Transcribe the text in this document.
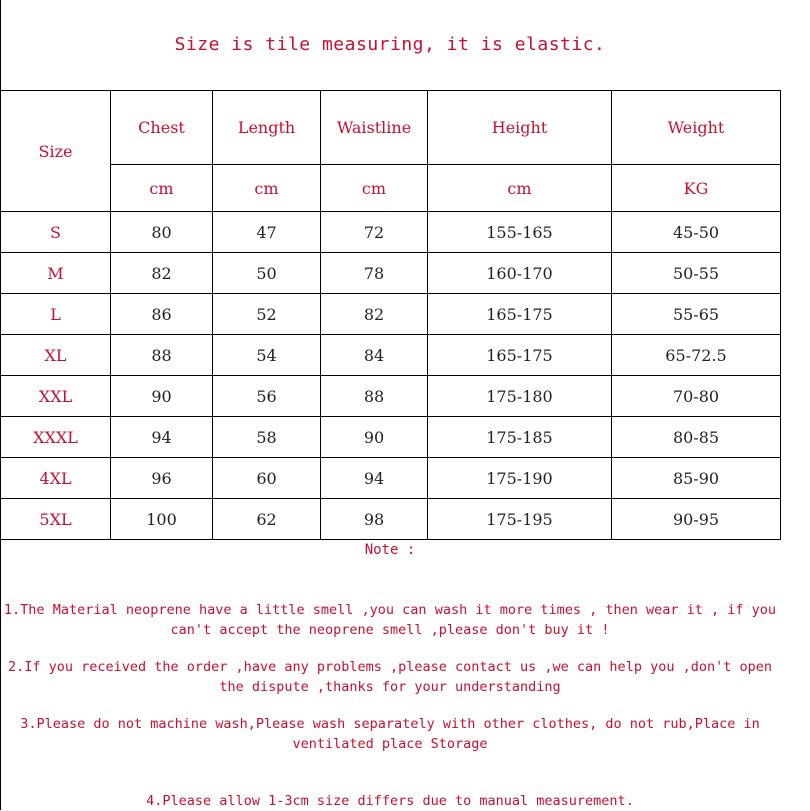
Size is tile measuring, it is elastic.
Size	Chest	Length	Waistline	Height	Weight
	cm	cm	cm	cm	KG
S	80	47	72	155-165	45-50
M	82	50	78	160-170	50-55
L	86	52	82	165-175	55-65
XL	88	54	84	165-175	65-72.5
XXL	90	56	88	175-180	70-80
XXXL	94	58	90	175-185	80-85
4XL	96	60	94	175-190	85-90
5XL	100	62	98	175-195	90-95
Note :
1.The Material neoprene have a little smell ,you can wash it more times , then wear it , if you can't accept the neoprene smell ,please don't buy it !
2.If you received the order ,have any problems ,please contact us ,we can help you ,don't open the dispute ,thanks for your understanding
3.Please do not machine wash,Please wash separately with other clothes, do not rub,Place in ventilated place Storage
4.Please allow 1-3cm size differs due to manual measurement.
